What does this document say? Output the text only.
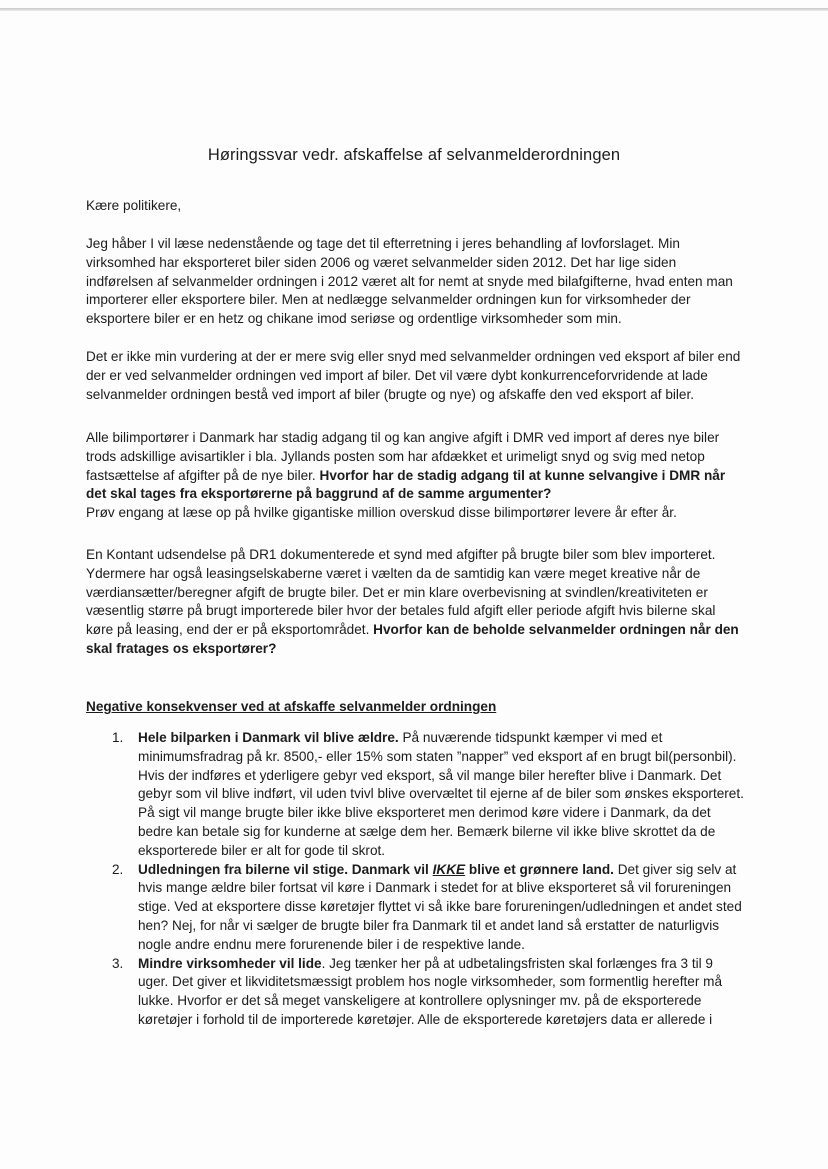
Høringssvar vedr. afskaffelse af selvanmelderordningen
Kære politikere,

Jeg håber I vil læse nedenstående og tage det til efterretning i jeres behandling af lovforslaget. Min virksomhed har eksporteret biler siden 2006 og været selvanmelder siden 2012. Det har lige siden indførelsen af selvanmelder ordningen i 2012 været alt for nemt at snyde med bilafgifterne, hvad enten man importerer eller eksportere biler. Men at nedlægge selvanmelder ordningen kun for virksomheder der eksportere biler er en hetz og chikane imod seriøse og ordentlige virksomheder som min.

Det er ikke min vurdering at der er mere svig eller snyd med selvanmelder ordningen ved eksport af biler end der er ved selvanmelder ordningen ved import af biler. Det vil være dybt konkurrenceforvridende at lade selvanmelder ordningen bestå ved import af biler (brugte og nye) og afskaffe den ved eksport af biler.

Alle bilimportører i Danmark har stadig adgang til og kan angive afgift i DMR ved import af deres nye biler trods adskillige avisartikler i bla. Jyllands posten som har afdækket et urimeligt snyd og svig med netop fastsættelse af afgifter på de nye biler. Hvorfor har de stadig adgang til at kunne selvangive i DMR når det skal tages fra eksportørerne på baggrund af de samme argumenter?
Prøv engang at læse op på hvilke gigantiske million overskud disse bilimportører levere år efter år.

En Kontant udsendelse på DR1 dokumenterede et synd med afgifter på brugte biler som blev importeret. Ydermere har også leasingselskaberne været i vælten da de samtidig kan være meget kreative når de værdiansætter/beregner afgift de brugte biler. Det er min klare overbevisning at svindlen/kreativiteten er væsentlig større på brugt importerede biler hvor der betales fuld afgift eller periode afgift hvis bilerne skal køre på leasing, end der er på eksportområdet. Hvorfor kan de beholde selvanmelder ordningen når den skal fratages os eksportører?

Negative konsekvenser ved at afskaffe selvanmelder ordningen
1. Hele bilparken i Danmark vil blive ældre. På nuværende tidspunkt kæmper vi med et minimumsfradrag på kr. 8500,- eller 15% som staten ”napper” ved eksport af en brugt bil(personbil). Hvis der indføres et yderligere gebyr ved eksport, så vil mange biler herefter blive i Danmark. Det gebyr som vil blive indført, vil uden tvivl blive overvæltet til ejerne af de biler som ønskes eksporteret. På sigt vil mange brugte biler ikke blive eksporteret men derimod køre videre i Danmark, da det bedre kan betale sig for kunderne at sælge dem her. Bemærk bilerne vil ikke blive skrottet da de eksporterede biler er alt for gode til skrot.
2. Udledningen fra bilerne vil stige. Danmark vil IKKE blive et grønnere land. Det giver sig selv at hvis mange ældre biler fortsat vil køre i Danmark i stedet for at blive eksporteret så vil forureningen stige. Ved at eksportere disse køretøjer flyttet vi så ikke bare forureningen/udledningen et andet sted hen? Nej, for når vi sælger de brugte biler fra Danmark til et andet land så erstatter de naturligvis nogle andre endnu mere forurenende biler i de respektive lande.
3. Mindre virksomheder vil lide. Jeg tænker her på at udbetalingsfristen skal forlænges fra 3 til 9 uger. Det giver et likviditetsmæssigt problem hos nogle virksomheder, som formentlig herefter må lukke. Hvorfor er det så meget vanskeligere at kontrollere oplysninger mv. på de eksporterede køretøjer i forhold til de importerede køretøjer. Alle de eksporterede køretøjers data er allerede i
